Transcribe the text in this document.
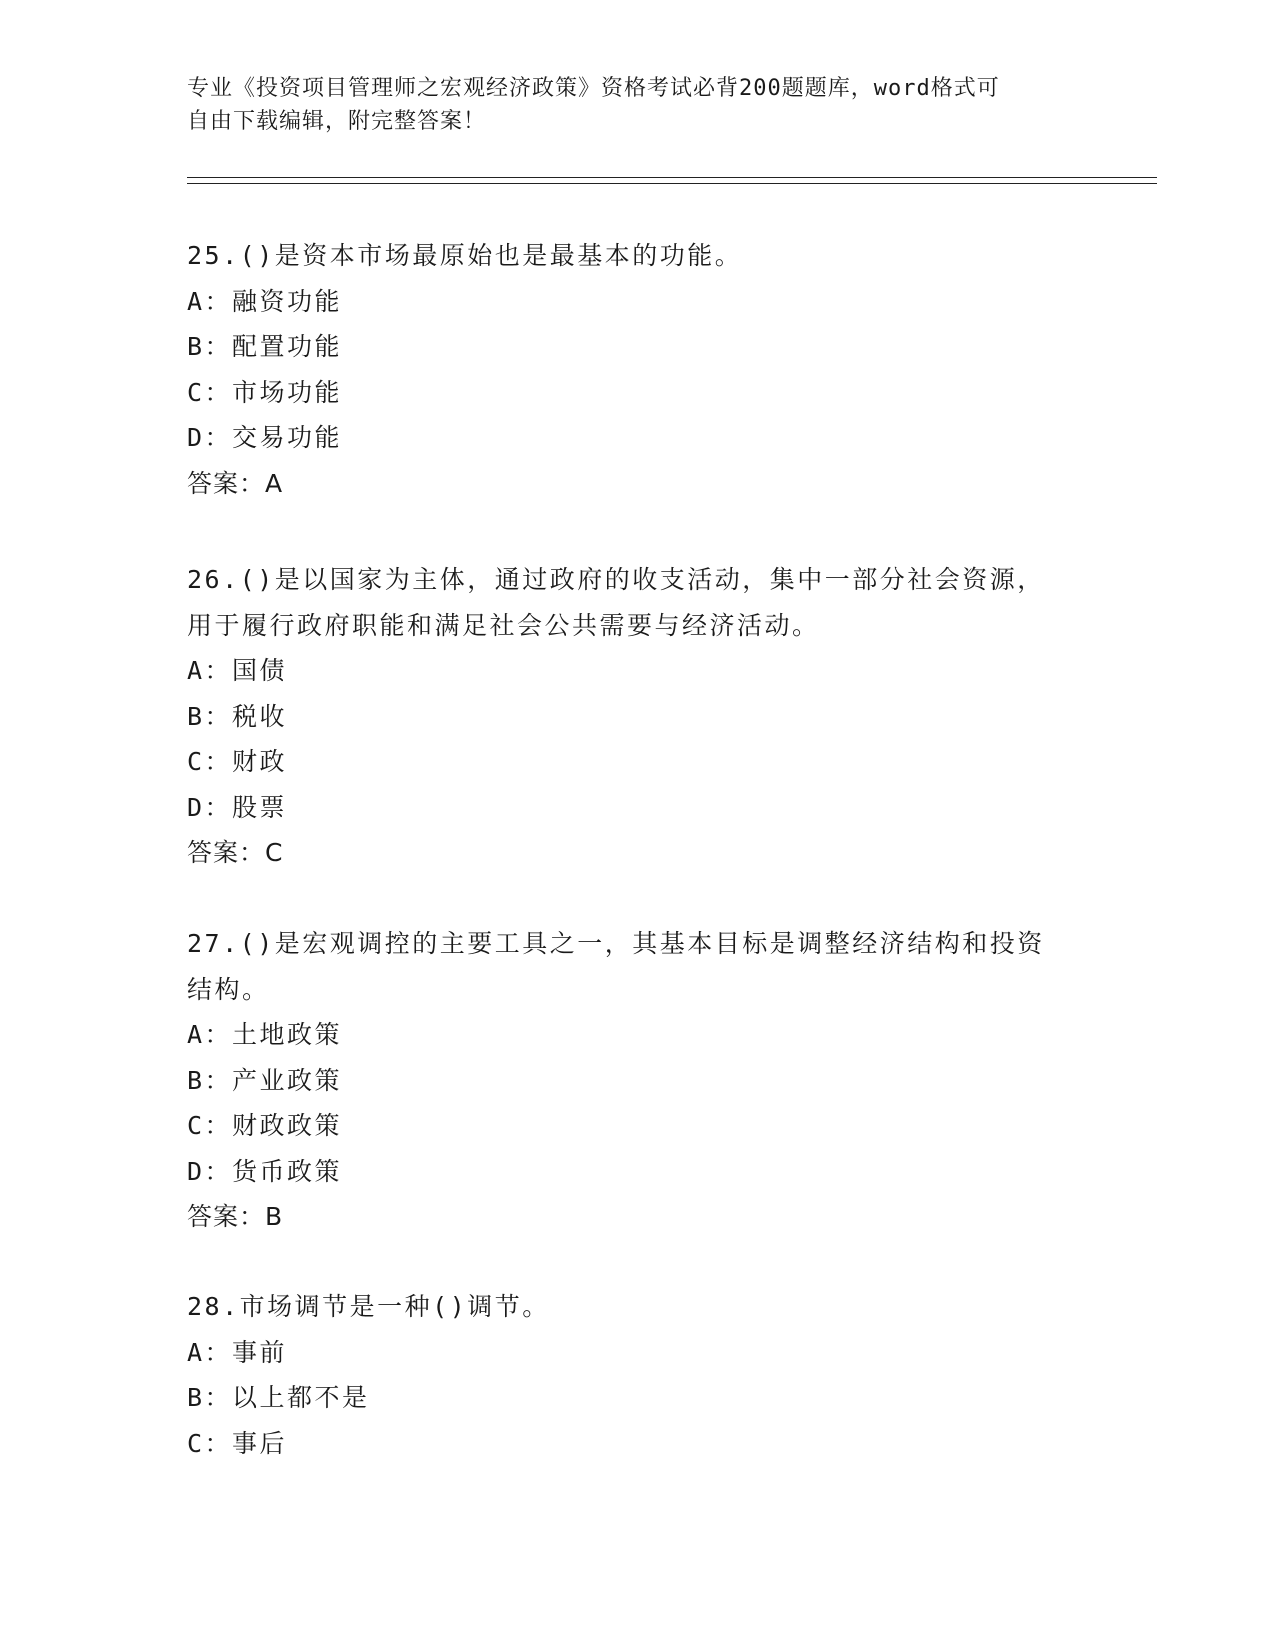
专业《投资项目管理师之宏观经济政策》资格考试必背200题题库，word格式可
自由下载编辑，附完整答案！

25.()是资本市场最原始也是最基本的功能。

A：融资功能

B：配置功能

C：市场功能

D：交易功能

答案：A

26.()是以国家为主体，通过政府的收支活动，集中一部分社会资源，

用于履行政府职能和满足社会公共需要与经济活动。

A：国债

B：税收

C：财政

D：股票

答案：C

27.()是宏观调控的主要工具之一，其基本目标是调整经济结构和投资

结构。

A：土地政策

B：产业政策

C：财政政策

D：货币政策

答案：B

28.市场调节是一种()调节。

A：事前

B：以上都不是

C：事后
